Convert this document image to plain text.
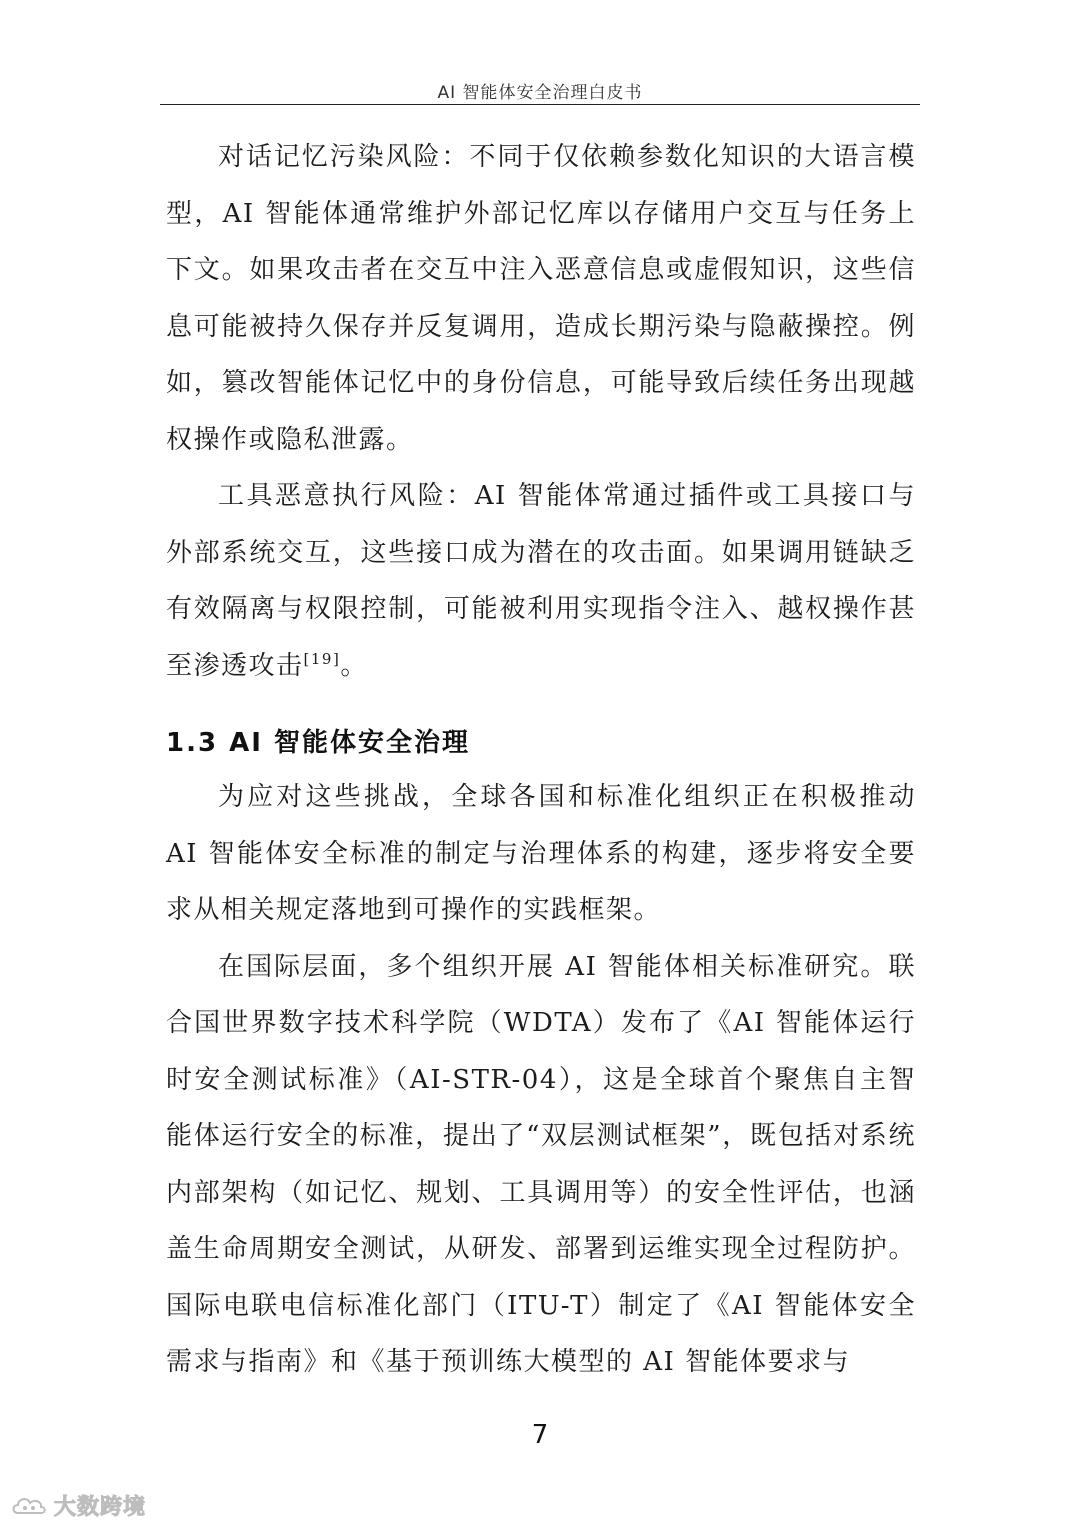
AI 智能体安全治理白皮书

对话记忆污染风险：不同于仅依赖参数化知识的大语言模型，AI 智能体通常维护外部记忆库以存储用户交互与任务上下文。如果攻击者在交互中注入恶意信息或虚假知识，这些信息可能被持久保存并反复调用，造成长期污染与隐蔽操控。例如，篡改智能体记忆中的身份信息，可能导致后续任务出现越权操作或隐私泄露。

工具恶意执行风险：AI 智能体常通过插件或工具接口与外部系统交互，这些接口成为潜在的攻击面。如果调用链缺乏有效隔离与权限控制，可能被利用实现指令注入、越权操作甚至渗透攻击[19]。

1.3 AI 智能体安全治理

为应对这些挑战，全球各国和标准化组织正在积极推动 AI 智能体安全标准的制定与治理体系的构建，逐步将安全要求从相关规定落地到可操作的实践框架。

在国际层面，多个组织开展 AI 智能体相关标准研究。联合国世界数字技术科学院（WDTA）发布了《AI 智能体运行时安全测试标准》（AI-STR-04），这是全球首个聚焦自主智能体运行安全的标准，提出了“双层测试框架”，既包括对系统内部架构（如记忆、规划、工具调用等）的安全性评估，也涵盖生命周期安全测试，从研发、部署到运维实现全过程防护。国际电联电信标准化部门（ITU-T）制定了《AI 智能体安全需求与指南》和《基于预训练大模型的 AI 智能体要求与

7
大数跨境
